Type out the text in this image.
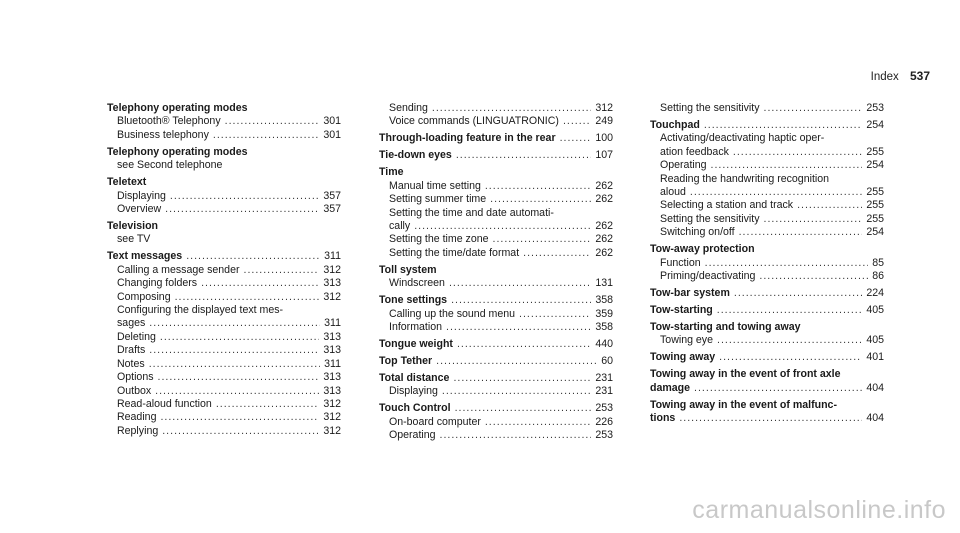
Index 537
Telephony operating modes
Bluetooth® Telephony .....	301
Business telephony .....	301
Telephony operating modes
see Second telephone
Teletext
Displaying .....	357
Overview .....	357
Television
see TV
Text messages .....	311
Calling a message sender .....	312
Changing folders .....	313
Composing .....	312
Configuring the displayed text mes-
sages .....	311
Deleting .....	313
Drafts .....	313
Notes .....	311
Options .....	313
Outbox .....	313
Read-aloud function .....	312
Reading .....	312
Replying .....	312
Sending .....	312
Voice commands (LINGUATRONIC) .....	249
Through-loading feature in the rear .....	100
Tie-down eyes .....	107
Time
Manual time setting .....	262
Setting summer time .....	262
Setting the time and date automati-
cally .....	262
Setting the time zone .....	262
Setting the time/date format .....	262
Toll system
Windscreen .....	131
Tone settings .....	358
Calling up the sound menu .....	359
Information .....	358
Tongue weight .....	440
Top Tether .....	60
Total distance .....	231
Displaying .....	231
Touch Control .....	253
On-board computer .....	226
Operating .....	253
Setting the sensitivity .....	253
Touchpad .....	254
Activating/deactivating haptic oper-
ation feedback .....	255
Operating .....	254
Reading the handwriting recognition
aloud .....	255
Selecting a station and track .....	255
Setting the sensitivity .....	255
Switching on/off .....	254
Tow-away protection
Function .....	85
Priming/deactivating .....	86
Tow-bar system .....	224
Tow-starting .....	405
Tow-starting and towing away
Towing eye .....	405
Towing away .....	401
Towing away in the event of front axle
damage .....	404
Towing away in the event of malfunc-
tions .....	404
carmanualsonline.info
